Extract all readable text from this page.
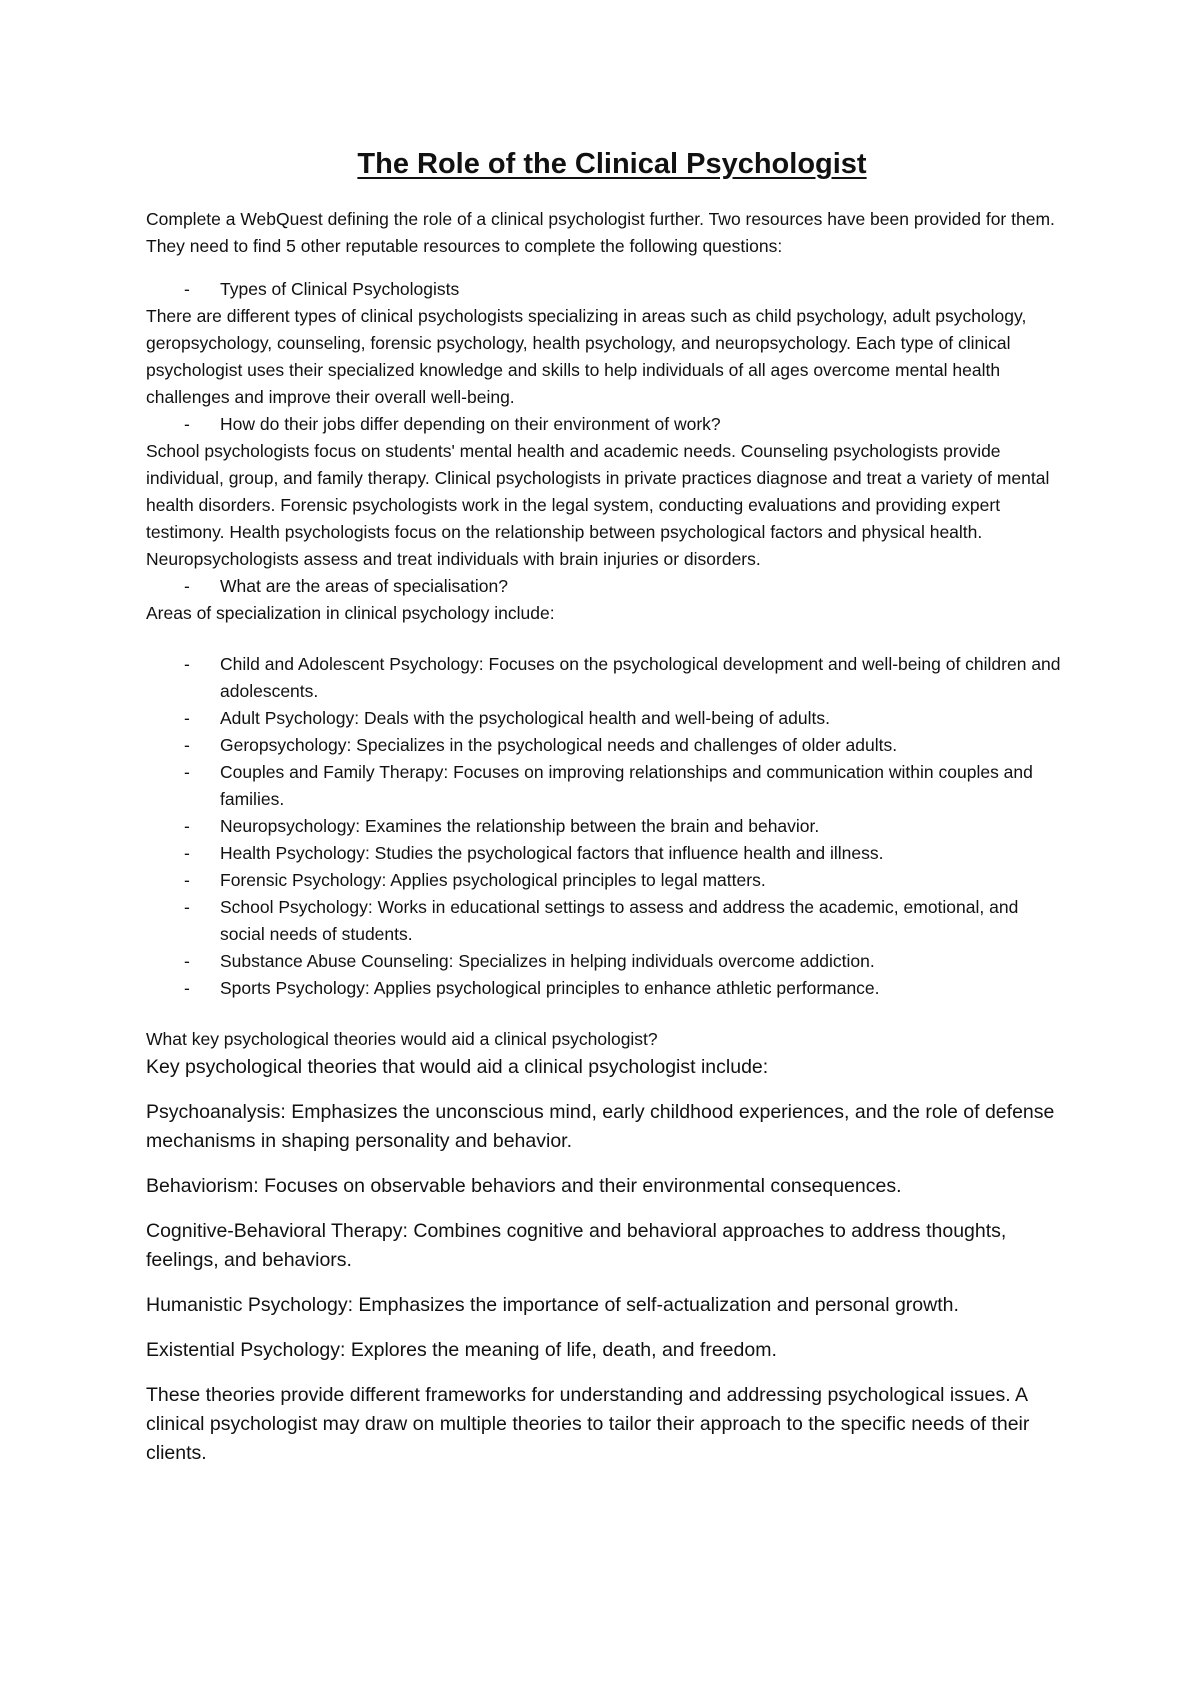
The Role of the Clinical Psychologist

Complete a WebQuest defining the role of a clinical psychologist further. Two resources have been provided for them. They need to find 5 other reputable resources to complete the following questions:

- Types of Clinical Psychologists

There are different types of clinical psychologists specializing in areas such as child psychology, adult psychology, geropsychology, counseling, forensic psychology, health psychology, and neuropsychology. Each type of clinical psychologist uses their specialized knowledge and skills to help individuals of all ages overcome mental health challenges and improve their overall well-being.

- How do their jobs differ depending on their environment of work?

School psychologists focus on students' mental health and academic needs. Counseling psychologists provide individual, group, and family therapy. Clinical psychologists in private practices diagnose and treat a variety of mental health disorders. Forensic psychologists work in the legal system, conducting evaluations and providing expert testimony. Health psychologists focus on the relationship between psychological factors and physical health. Neuropsychologists assess and treat individuals with brain injuries or disorders.

- What are the areas of specialisation?

Areas of specialization in clinical psychology include:

- Child and Adolescent Psychology: Focuses on the psychological development and well-being of children and adolescents.
- Adult Psychology: Deals with the psychological health and well-being of adults.
- Geropsychology: Specializes in the psychological needs and challenges of older adults.
- Couples and Family Therapy: Focuses on improving relationships and communication within couples and families.
- Neuropsychology: Examines the relationship between the brain and behavior.
- Health Psychology: Studies the psychological factors that influence health and illness.
- Forensic Psychology: Applies psychological principles to legal matters.
- School Psychology: Works in educational settings to assess and address the academic, emotional, and social needs of students.
- Substance Abuse Counseling: Specializes in helping individuals overcome addiction.
- Sports Psychology: Applies psychological principles to enhance athletic performance.

What key psychological theories would aid a clinical psychologist?

Key psychological theories that would aid a clinical psychologist include:

Psychoanalysis: Emphasizes the unconscious mind, early childhood experiences, and the role of defense mechanisms in shaping personality and behavior.

Behaviorism: Focuses on observable behaviors and their environmental consequences.

Cognitive-Behavioral Therapy: Combines cognitive and behavioral approaches to address thoughts, feelings, and behaviors.

Humanistic Psychology: Emphasizes the importance of self-actualization and personal growth.

Existential Psychology: Explores the meaning of life, death, and freedom.

These theories provide different frameworks for understanding and addressing psychological issues. A clinical psychologist may draw on multiple theories to tailor their approach to the specific needs of their clients.
